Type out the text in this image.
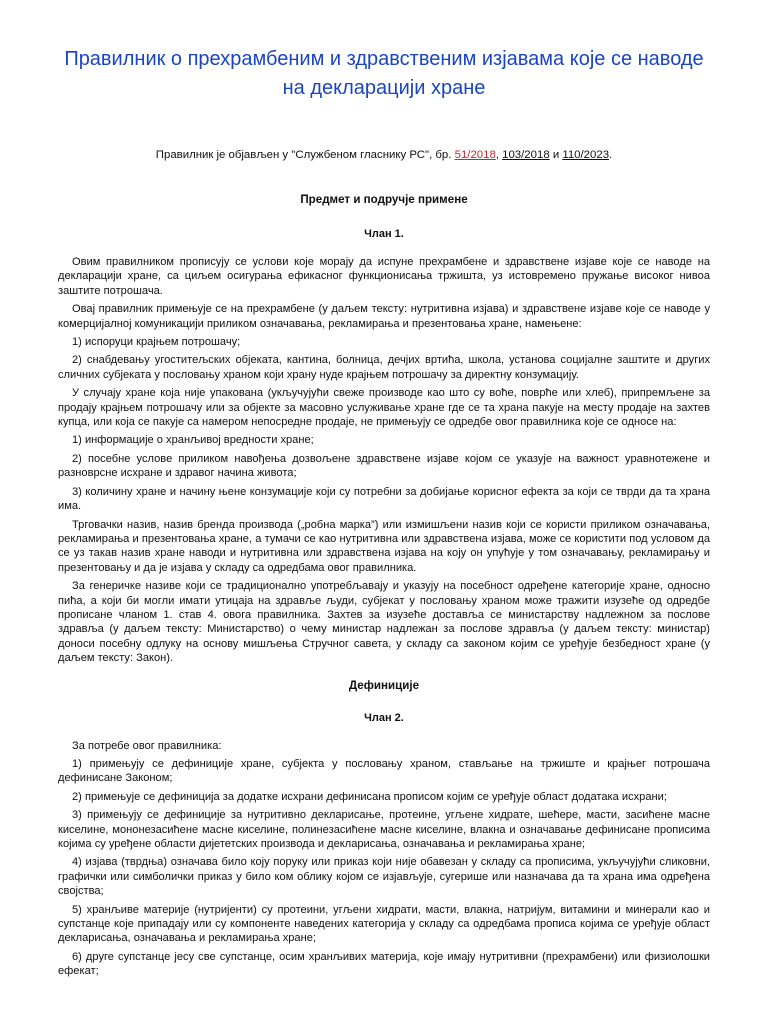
Правилник о прехрамбеним и здравственим изјавама које се наводе на декларацији хране
Правилник је објављен у "Службеном гласнику РС", бр. 51/2018, 103/2018 и 110/2023.
Предмет и подручје примене
Члан 1.

Овим правилником прописују се услови које морају да испуне прехрамбене и здравствене изјаве које се наводе на декларацији хране, са циљем осигурања ефикасног функционисања тржишта, уз истовремено пружање високог нивоа заштите потрошача.

Овај правилник примењује се на прехрамбене (у даљем тексту: нутритивна изјава) и здравствене изјаве које се наводе у комерцијалној комуникацији приликом означавања, рекламирања и презентовања хране, намењене:

1) испоруци крајњем потрошачу;

2) снабдевању угоститељских објеката, кантина, болница, дечјих вртића, школа, установа социјалне заштите и других сличних субјеката у пословању храном који храну нуде крајњем потрошачу за директну конзумацију.

У случају хране која није упакована (укључујући свеже производе као што су воће, поврће или хлеб), припремљене за продају крајњем потрошачу или за објекте за масовно услуживање хране где се та храна пакује на месту продаје на захтев купца, или која се пакује са намером непосредне продаје, не примењују се одредбе овог правилника које се односе на:

1) информације о хранљивој вредности хране;

2) посебне услове приликом навођења дозвољене здравствене изјаве којом се указује на важност уравнотежене и разноврсне исхране и здравог начина живота;

3) количину хране и начину њене конзумације који су потребни за добијање корисног ефекта за који се тврди да та храна има.

Трговачки назив, назив бренда производа („робна марка”) или измишљени назив који се користи приликом означавања, рекламирања и презентовања хране, а тумачи се као нутритивна или здравствена изјава, може се користити под условом да се уз такав назив хране наводи и нутритивна или здравствена изјава на коју он упућује у том означавању, рекламирању и презентовању и да је изјава у складу са одредбама овог правилника.

За генеричке називе који се традиционално употребљавају и указују на посебност одређене категорије хране, односно пића, а који би могли имати утицаја на здравље људи, субјекат у пословању храном може тражити изузеће од одредбе прописане чланом 1. став 4. овога правилника. Захтев за изузеће доставља се министарству надлежном за послове здравља (у даљем тексту: Министарство) о чему министар надлежан за послове здравља (у даљем тексту: министар) доноси посебну одлуку на основу мишљења Стручног савета, у складу са законом којим се уређује безбедност хране (у даљем тексту: Закон).

Дефиниције
Члан 2.

За потребе овог правилника:

1) примењују се дефиниције хране, субјекта у пословању храном, стављање на тржиште и крајњег потрошача дефинисане Законом;

2) примењује се дефиниција за додатке исхрани дефинисана прописом којим се уређује област додатака исхрани;

3) примењују се дефиниције за нутритивно декларисање, протеине, угљене хидрате, шећере, масти, засићене масне киселине, мононезасићене масне киселине, полинезасићене масне киселине, влакна и означавање дефинисане прописима којима су уређене области дијететских производа и декларисања, означавања и рекламирања хране;

4) изјава (тврдња) означава било коју поруку или приказ који није обавезан у складу са прописима, укључујући сликовни, графички или симболички приказ у било ком облику којом се изјављује, сугерише или назначава да та храна има одређена својства;

5) хранљиве материје (нутријенти) су протеини, угљени хидрати, масти, влакна, натријум, витамини и минерали као и супстанце које припадају или су компоненте наведених категорија у складу са одредбама прописа којима се уређује област декларисања, означавања и рекламирања хране;

6) друге супстанце јесу све супстанце, осим хранљивих материја, које имају нутритивни (прехрамбени) или физиолошки ефекат;
